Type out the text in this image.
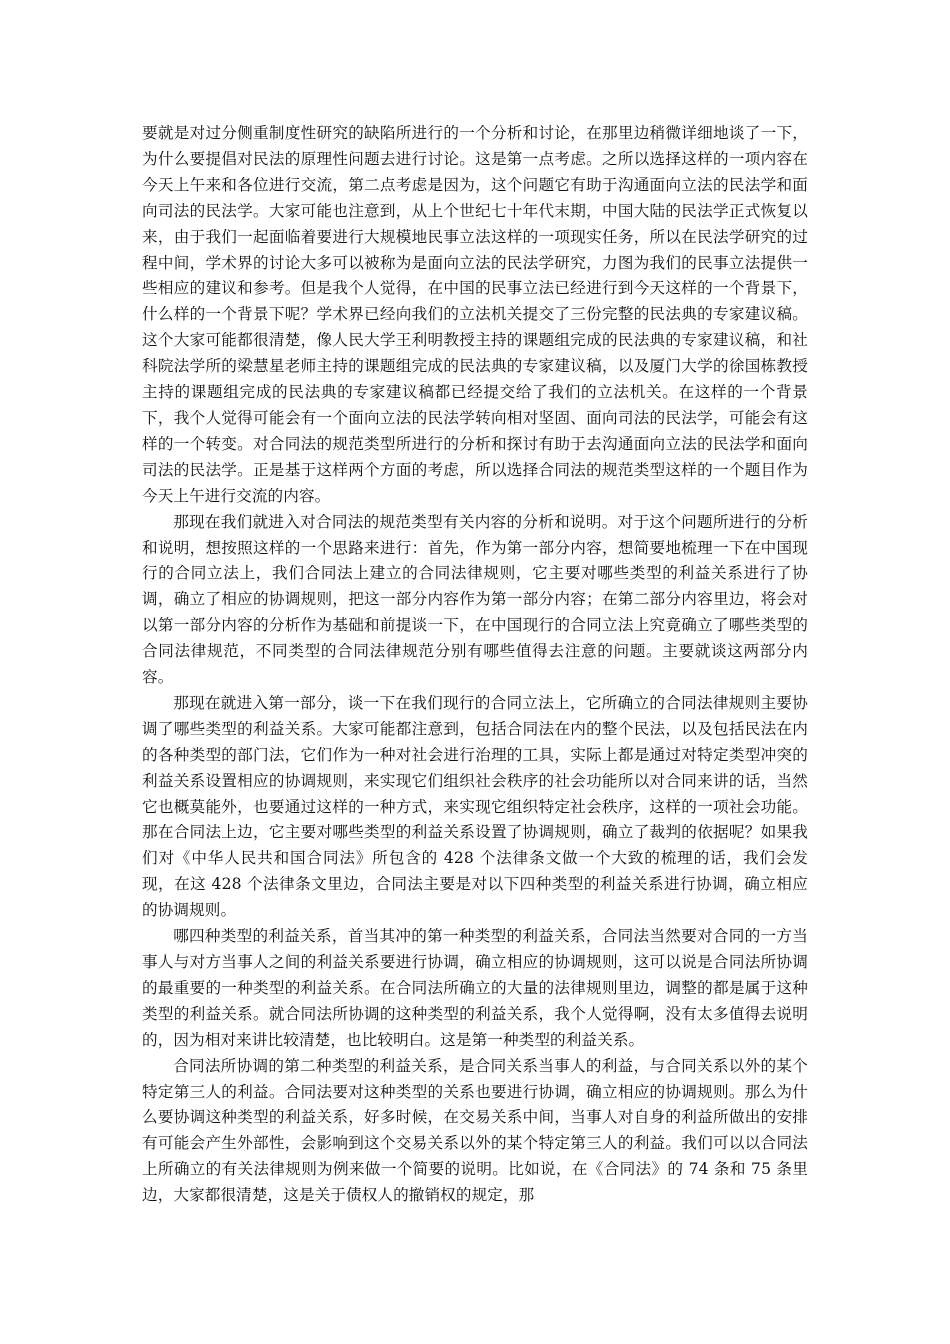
要就是对过分侧重制度性研究的缺陷所进行的一个分析和讨论，在那里边稍微详细地谈了一下，为什么要提倡对民法的原理性问题去进行讨论。这是第一点考虑。之所以选择这样的一项内容在今天上午来和各位进行交流，第二点考虑是因为，这个问题它有助于沟通面向立法的民法学和面向司法的民法学。大家可能也注意到，从上个世纪七十年代末期，中国大陆的民法学正式恢复以来，由于我们一起面临着要进行大规模地民事立法这样的一项现实任务，所以在民法学研究的过程中间，学术界的讨论大多可以被称为是面向立法的民法学研究，力图为我们的民事立法提供一些相应的建议和参考。但是我个人觉得，在中国的民事立法已经进行到今天这样的一个背景下，什么样的一个背景下呢？学术界已经向我们的立法机关提交了三份完整的民法典的专家建议稿。这个大家可能都很清楚，像人民大学王利明教授主持的课题组完成的民法典的专家建议稿，和社科院法学所的梁慧星老师主持的课题组完成的民法典的专家建议稿，以及厦门大学的徐国栋教授主持的课题组完成的民法典的专家建议稿都已经提交给了我们的立法机关。在这样的一个背景下，我个人觉得可能会有一个面向立法的民法学转向相对坚固、面向司法的民法学，可能会有这样的一个转变。对合同法的规范类型所进行的分析和探讨有助于去沟通面向立法的民法学和面向司法的民法学。正是基于这样两个方面的考虑，所以选择合同法的规范类型这样的一个题目作为今天上午进行交流的内容。

那现在我们就进入对合同法的规范类型有关内容的分析和说明。对于这个问题所进行的分析和说明，想按照这样的一个思路来进行：首先，作为第一部分内容，想简要地梳理一下在中国现行的合同立法上，我们合同法上建立的合同法律规则，它主要对哪些类型的利益关系进行了协调，确立了相应的协调规则，把这一部分内容作为第一部分内容；在第二部分内容里边，将会对以第一部分内容的分析作为基础和前提谈一下，在中国现行的合同立法上究竟确立了哪些类型的合同法律规范，不同类型的合同法律规范分别有哪些值得去注意的问题。主要就谈这两部分内容。

那现在就进入第一部分，谈一下在我们现行的合同立法上，它所确立的合同法律规则主要协调了哪些类型的利益关系。大家可能都注意到，包括合同法在内的整个民法，以及包括民法在内的各种类型的部门法，它们作为一种对社会进行治理的工具，实际上都是通过对特定类型冲突的利益关系设置相应的协调规则，来实现它们组织社会秩序的社会功能所以对合同来讲的话，当然它也概莫能外，也要通过这样的一种方式，来实现它组织特定社会秩序，这样的一项社会功能。那在合同法上边，它主要对哪些类型的利益关系设置了协调规则，确立了裁判的依据呢？如果我们对《中华人民共和国合同法》所包含的 428 个法律条文做一个大致的梳理的话，我们会发现，在这 428 个法律条文里边，合同法主要是对以下四种类型的利益关系进行协调，确立相应的协调规则。

哪四种类型的利益关系，首当其冲的第一种类型的利益关系，合同法当然要对合同的一方当事人与对方当事人之间的利益关系要进行协调，确立相应的协调规则，这可以说是合同法所协调的最重要的一种类型的利益关系。在合同法所确立的大量的法律规则里边，调整的都是属于这种类型的利益关系。就合同法所协调的这种类型的利益关系，我个人觉得啊，没有太多值得去说明的，因为相对来讲比较清楚，也比较明白。这是第一种类型的利益关系。

合同法所协调的第二种类型的利益关系，是合同关系当事人的利益，与合同关系以外的某个特定第三人的利益。合同法要对这种类型的关系也要进行协调，确立相应的协调规则。那么为什么要协调这种类型的利益关系，好多时候，在交易关系中间，当事人对自身的利益所做出的安排有可能会产生外部性，会影响到这个交易关系以外的某个特定第三人的利益。我们可以以合同法上所确立的有关法律规则为例来做一个简要的说明。比如说，在《合同法》的 74 条和 75 条里边，大家都很清楚，这是关于债权人的撤销权的规定，那
